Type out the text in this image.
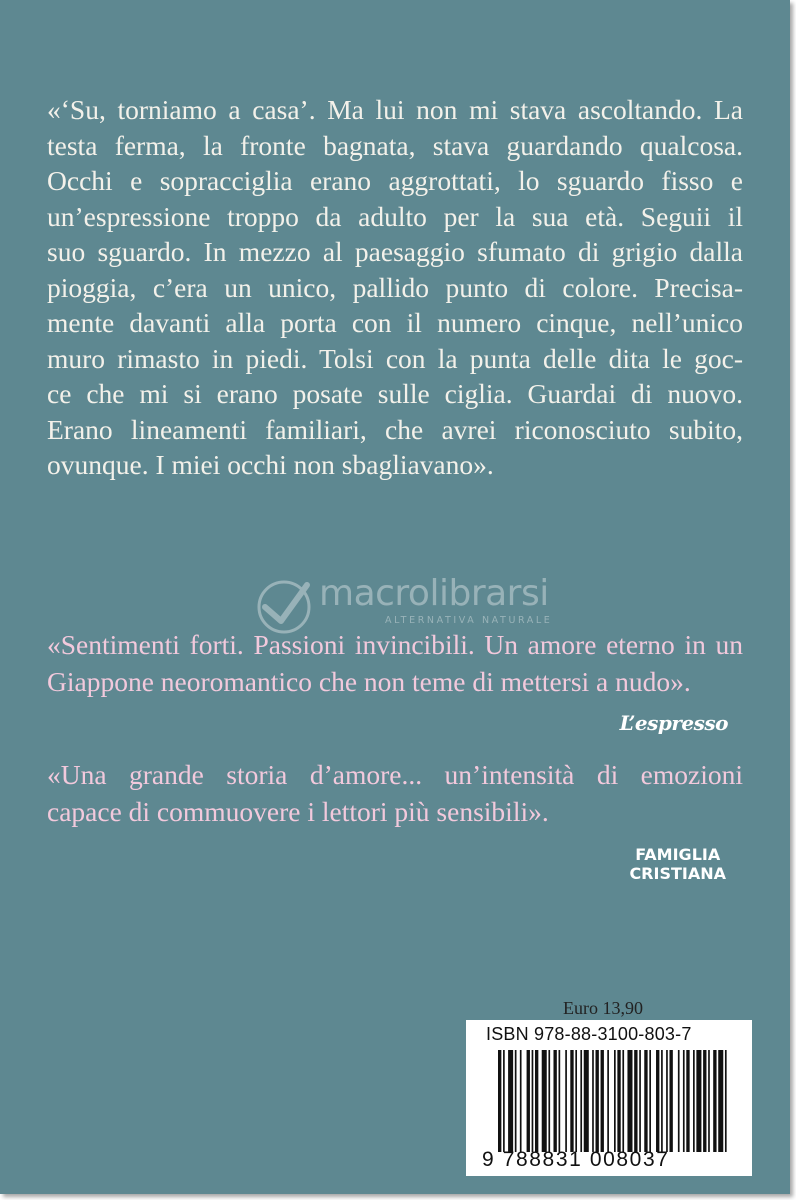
«‘Su, torniamo a casa’. Ma lui non mi stava ascoltando. La
testa ferma, la fronte bagnata, stava guardando qualcosa.
Occhi e sopracciglia erano aggrottati, lo sguardo fisso e
un’espressione troppo da adulto per la sua età. Seguii il
suo sguardo. In mezzo al paesaggio sfumato di grigio dalla
pioggia, c’era un unico, pallido punto di colore. Precisa-
mente davanti alla porta con il numero cinque, nell’unico
muro rimasto in piedi. Tolsi con la punta delle dita le goc-
ce che mi si erano posate sulle ciglia. Guardai di nuovo.
Erano lineamenti familiari, che avrei riconosciuto subito,
ovunque. I miei occhi non sbagliavano».
macrolibrarsi
ALTERNATIVA NATURALE
«Sentimenti forti. Passioni invincibili. Un amore eterno in un
Giappone neoromantico che non teme di mettersi a nudo».
L’espresso
«Una grande storia d’amore... un’intensità di emozioni
capace di commuovere i lettori più sensibili».
FAMIGLIA
CRISTIANA
Euro 13,90
ISBN 978-88-3100-803-7
9 788831 008037
